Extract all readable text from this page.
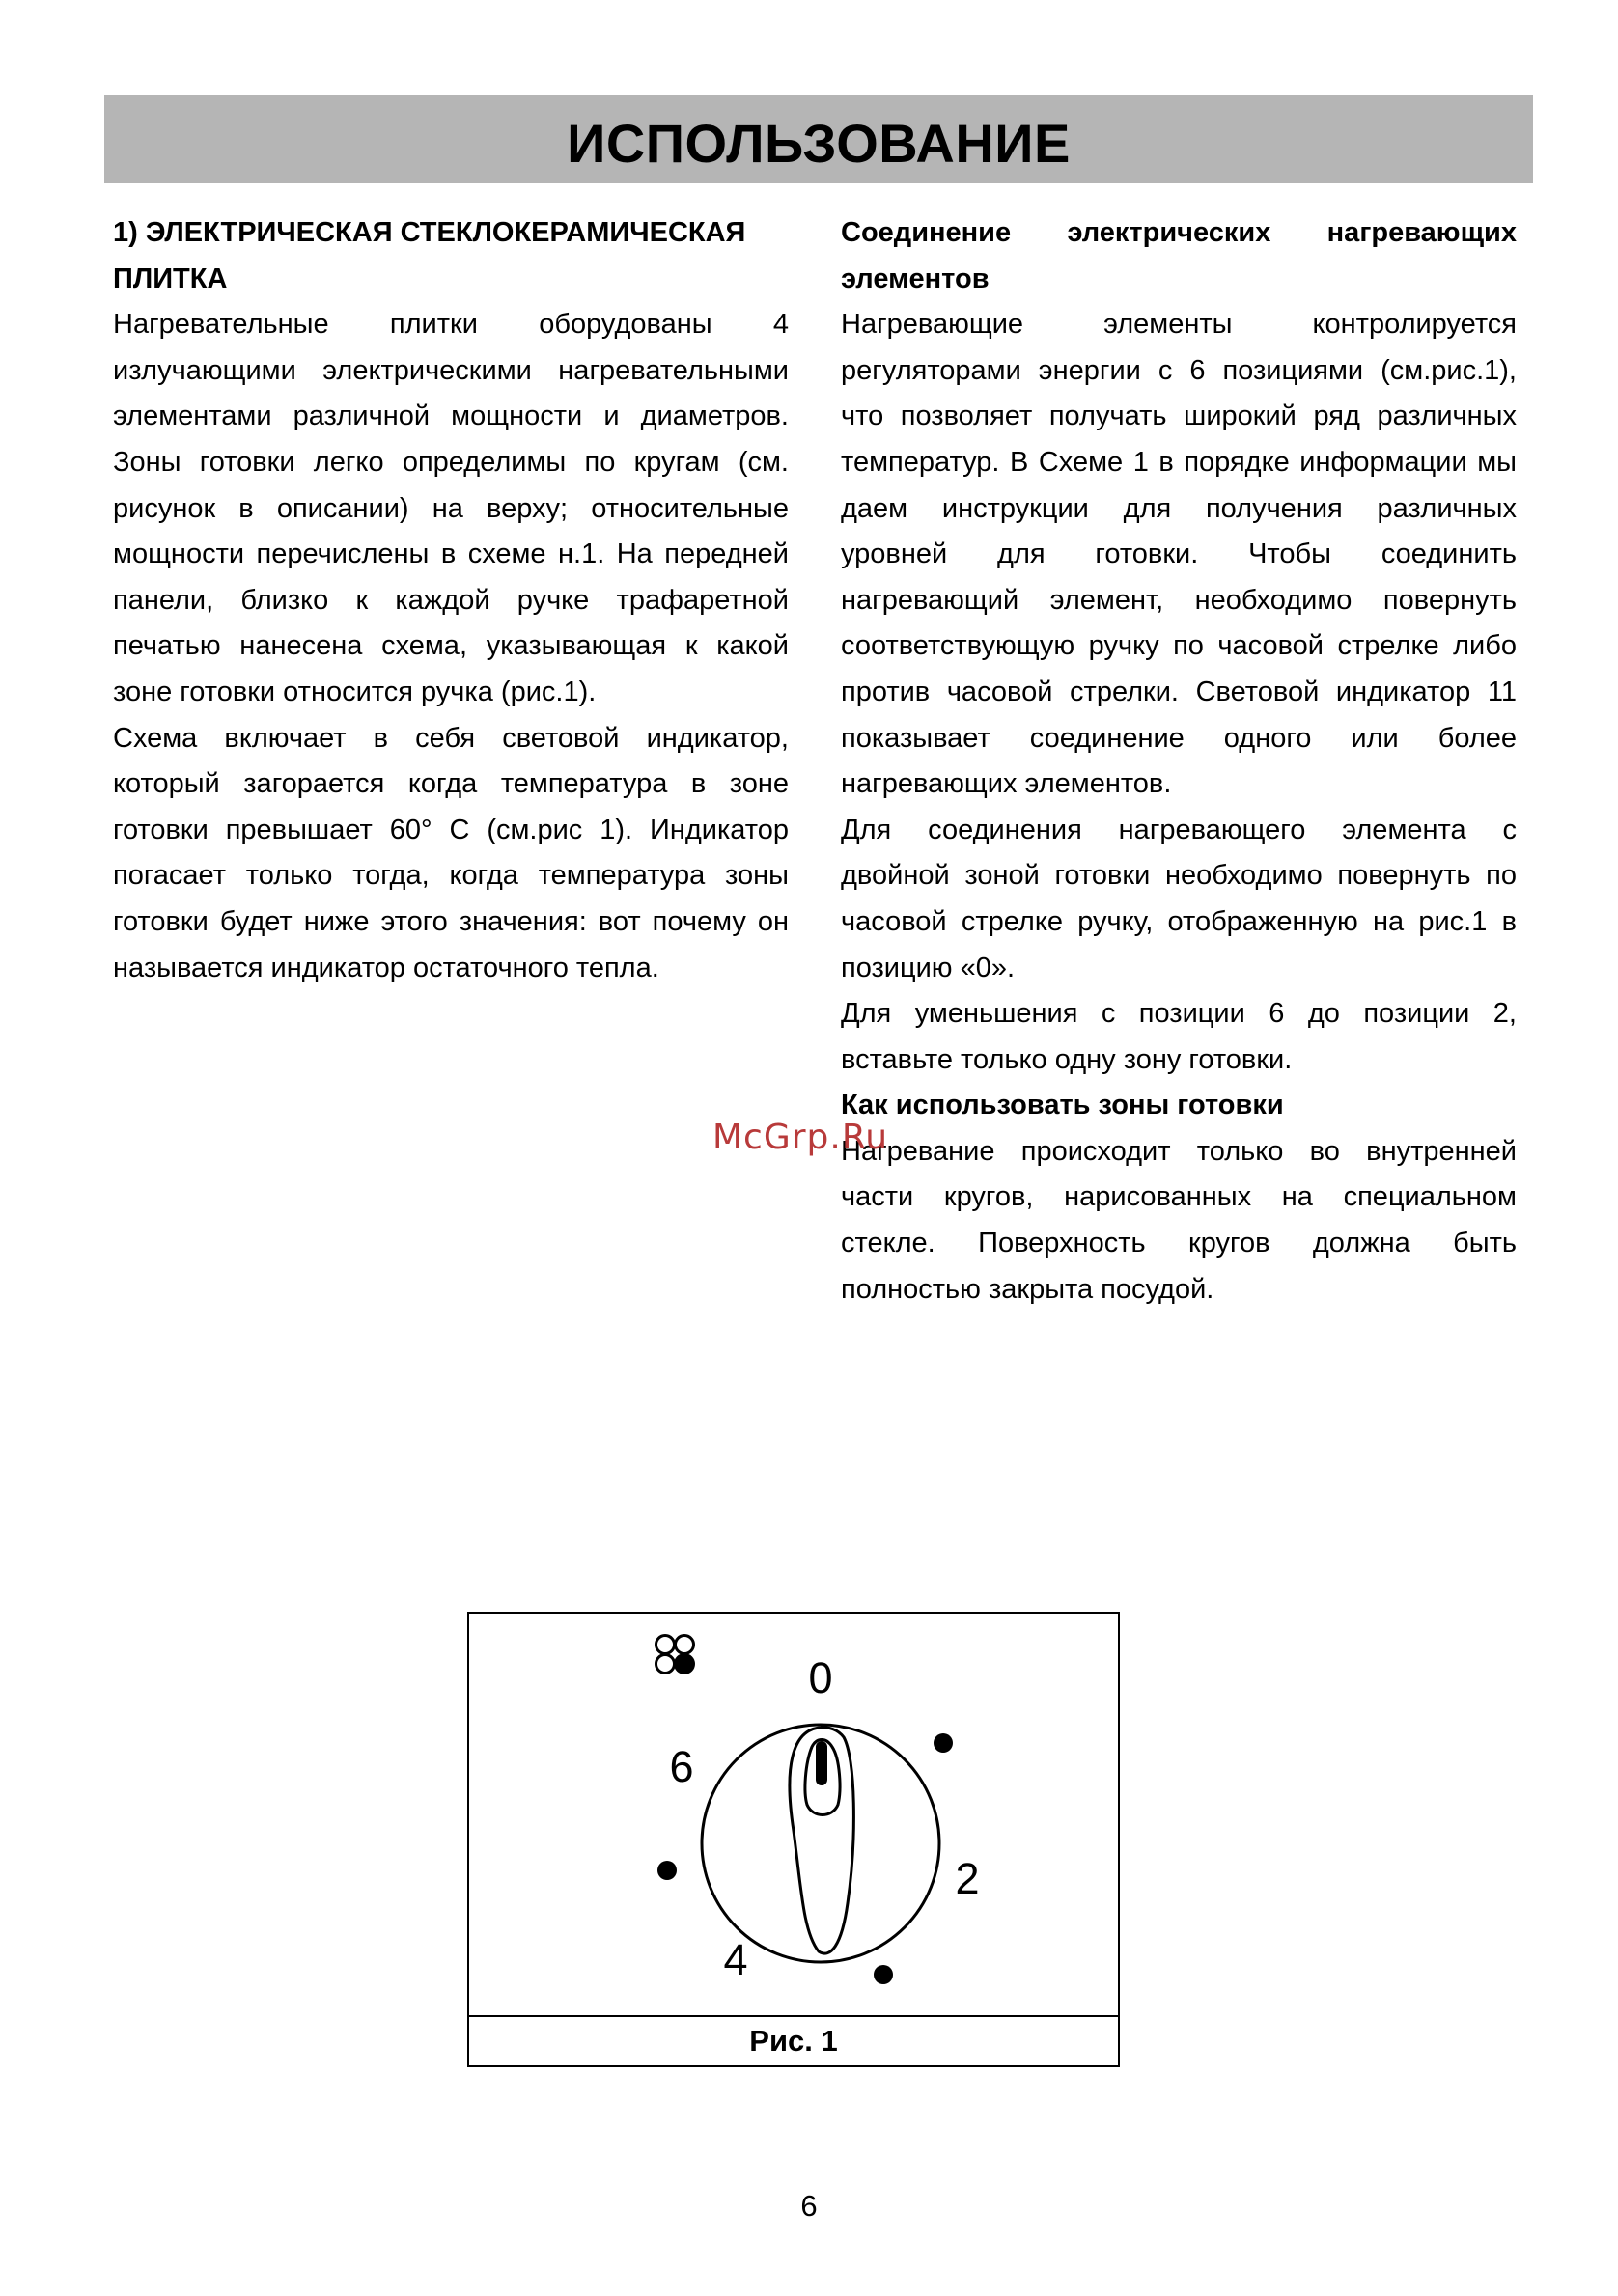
ИСПОЛЬЗОВАНИЕ

1) ЭЛЕКТРИЧЕСКАЯ СТЕКЛОКЕРАМИЧЕСКАЯ ПЛИТКА

Нагревательные плитки оборудованы 4 излучающими электрическими нагревательными элементами различной мощности и диаметров. Зоны готовки легко определимы по кругам (см. рисунок в описании) на верху; относительные мощности перечислены в схеме н.1. На передней панели, близко к каждой ручке трафаретной печатью нанесена схема, указывающая к какой зоне готовки относится ручка (рис.1).

Схема включает в себя световой индикатор, который загорается когда температура в зоне готовки превышает 60° С (см.рис 1). Индикатор погасает только тогда, когда температура зоны готовки будет ниже этого значения: вот почему он называется индикатор остаточного тепла.

Соединение электрических нагревающих элементов

Нагревающие элементы контролируется регуляторами энергии с 6 позициями (см.рис.1), что позволяет получать широкий ряд различных температур. В Схеме 1 в порядке информации мы даем инструкции для получения различных уровней для готовки. Чтобы соединить нагревающий элемент, необходимо повернуть соответствующую ручку по часовой стрелке либо против часовой стрелки. Световой индикатор 11 показывает соединение одного или более нагревающих элементов.

Для соединения нагревающего элемента с двойной зоной готовки необходимо повернуть по часовой стрелке ручку, отображенную на рис.1 в позицию «0».

Для уменьшения с позиции 6 до позиции 2, вставьте только одну зону готовки.

Как использовать зоны готовки

Нагревание происходит только во внутренней части кругов, нарисованных на специальном стекле. Поверхность кругов должна быть полностью закрыта посудой.

McGrp.Ru
0
6
2
4
Рис. 1
6
